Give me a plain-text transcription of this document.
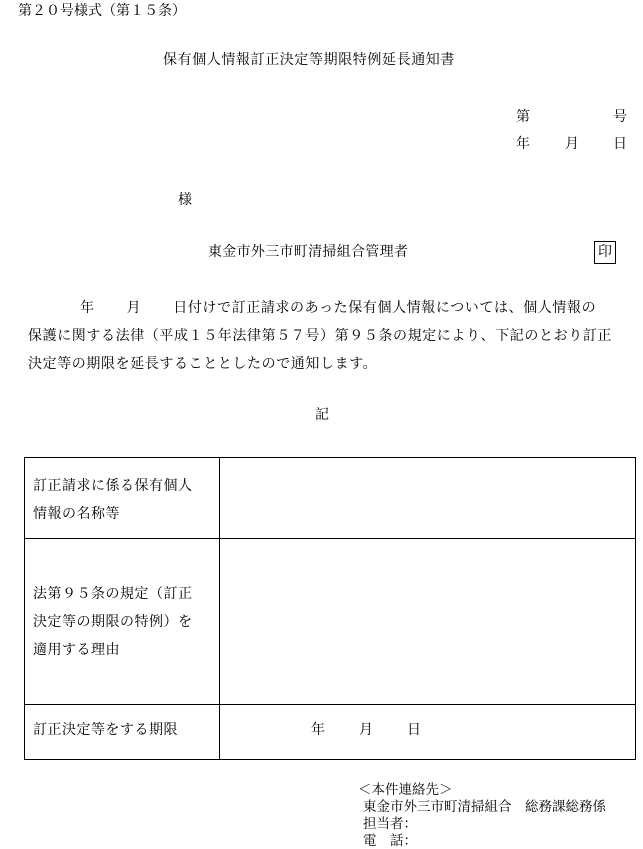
第２０号様式（第１５条）
保有個人情報訂正決定等期限特例延長通知書
第	号
年	月 日
様
東金市外三市町清掃組合管理者	印
年 月 日付けで訂正請求のあった保有個人情報については、個人情報の
保護に関する法律（平成１５年法律第５７号）第９５条の規定により、下記のとおり訂正
決定等の期限を延長することとしたので通知します。
記
訂正請求に係る保有個人
情報の名称等
法第９５条の規定（訂正
決定等の期限の特例）を
適用する理由
訂正決定等をする期限	年 月 日
＜本件連絡先＞
東金市外三市町清掃組合　総務課総務係
担当者：
電　話：
